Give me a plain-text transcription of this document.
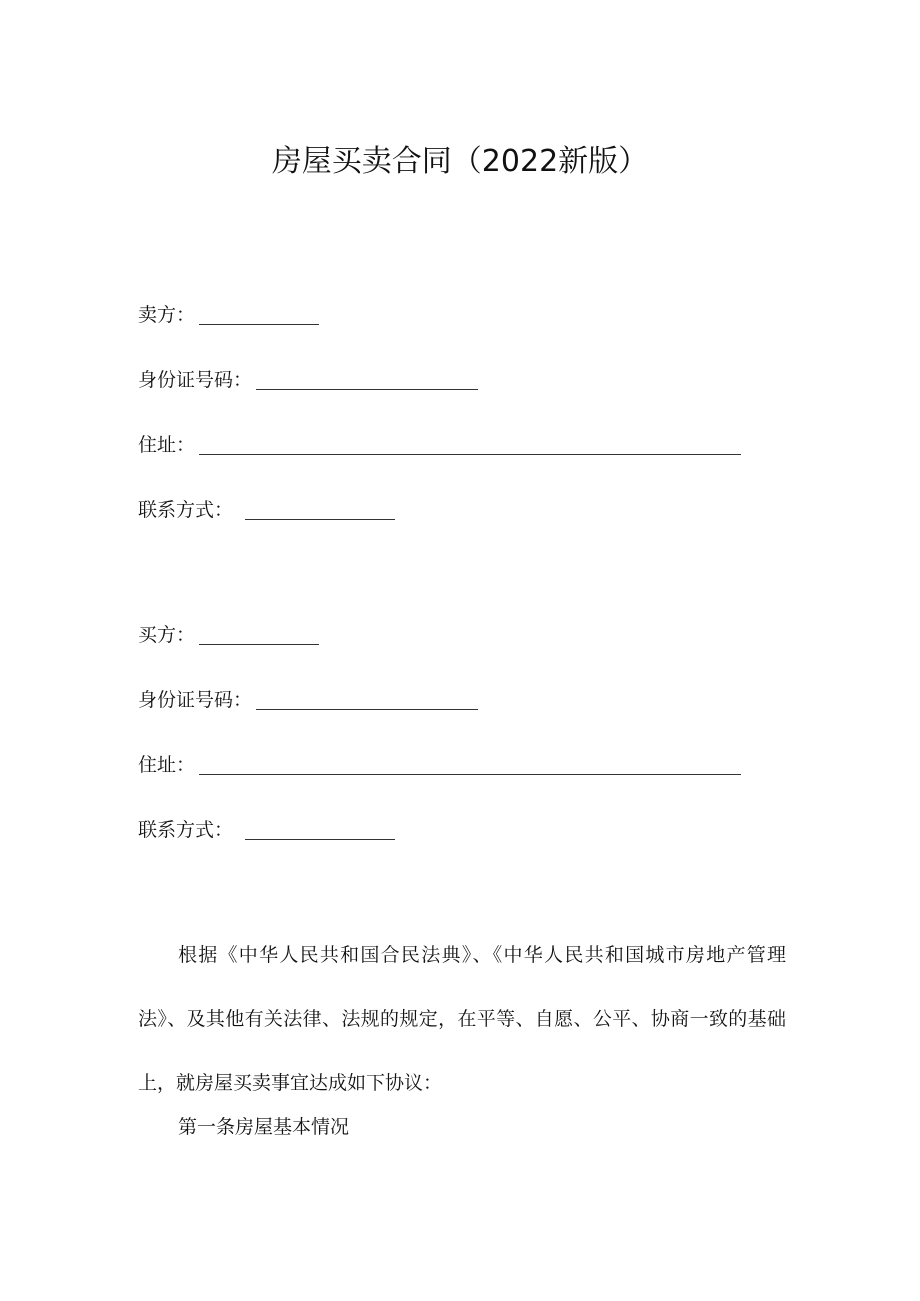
房屋买卖合同（2022新版）
卖方：
身份证号码：
住址：
联系方式：
买方：
身份证号码：
住址：
联系方式：

根据《中华人民共和国合民法典》、《中华人民共和国城市房地产管理法》、及其他有关法律、法规的规定，在平等、自愿、公平、协商一致的基础上，就房屋买卖事宜达成如下协议：

第一条房屋基本情况
